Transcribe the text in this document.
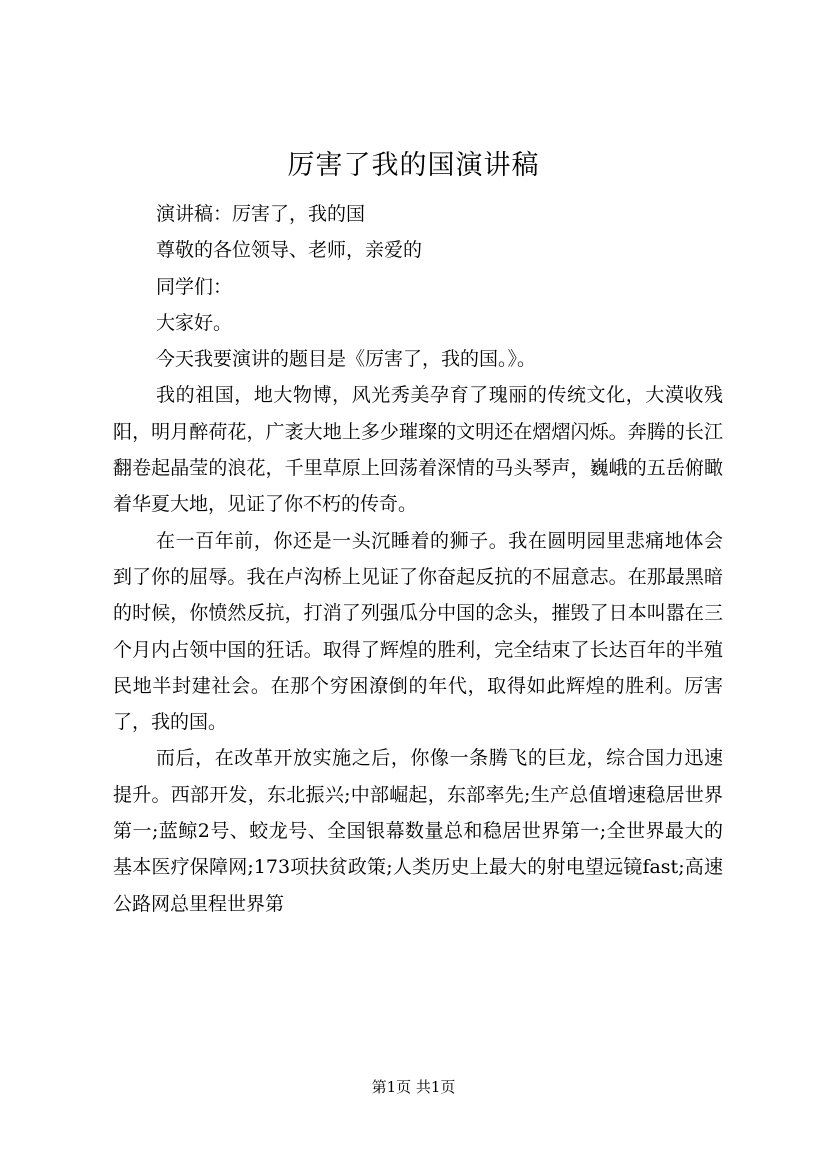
厉害了我的国演讲稿

演讲稿：厉害了，我的国

尊敬的各位领导、老师，亲爱的

同学们：

大家好。

今天我要演讲的题目是《厉害了，我的国。》。

我的祖国，地大物博，风光秀美孕育了瑰丽的传统文化，大漠收残阳，明月醉荷花，广袤大地上多少璀璨的文明还在熠熠闪烁。奔腾的长江翻卷起晶莹的浪花，千里草原上回荡着深情的马头琴声，巍峨的五岳俯瞰着华夏大地，见证了你不朽的传奇。

在一百年前，你还是一头沉睡着的狮子。我在圆明园里悲痛地体会到了你的屈辱。我在卢沟桥上见证了你奋起反抗的不屈意志。在那最黑暗的时候，你愤然反抗，打消了列强瓜分中国的念头，摧毁了日本叫嚣在三个月内占领中国的狂话。取得了辉煌的胜利，完全结束了长达百年的半殖民地半封建社会。在那个穷困潦倒的年代，取得如此辉煌的胜利。厉害了，我的国。

而后，在改革开放实施之后，你像一条腾飞的巨龙，综合国力迅速提升。西部开发，东北振兴;中部崛起，东部率先;生产总值增速稳居世界第一;蓝鲸2号、蛟龙号、全国银幕数量总和稳居世界第一;全世界最大的基本医疗保障网;173项扶贫政策;人类历史上最大的射电望远镜fast;高速公路网总里程世界第

第1页 共1页
